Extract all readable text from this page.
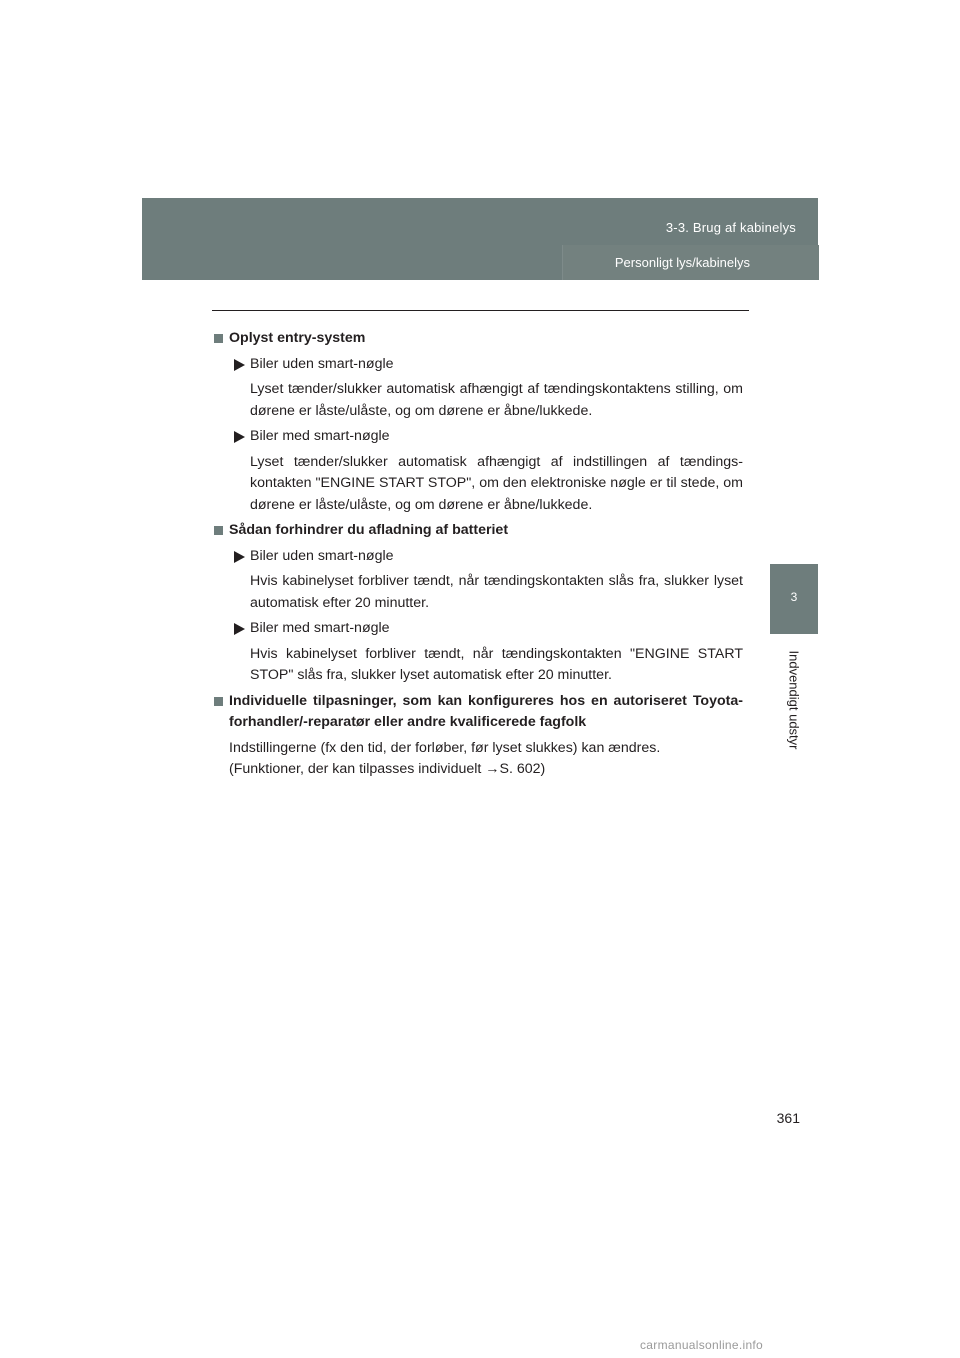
3-3. Brug af kabinelys
Personligt lys/kabinelys
3
Indvendigt udstyr
Oplyst entry-system
Biler uden smart-nøgle
Lyset tænder/slukker automatisk afhængigt af tændingskontaktens stilling, om dørene er låste/ulåste, og om dørene er åbne/lukkede.
Biler med smart-nøgle
Lyset tænder/slukker automatisk afhængigt af indstillingen af tændings-kontakten "ENGINE START STOP", om den elektroniske nøgle er til stede, om dørene er låste/ulåste, og om dørene er åbne/lukkede.
Sådan forhindrer du afladning af batteriet
Biler uden smart-nøgle
Hvis kabinelyset forbliver tændt, når tændingskontakten slås fra, slukker lyset automatisk efter 20 minutter.
Biler med smart-nøgle
Hvis kabinelyset forbliver tændt, når tændingskontakten "ENGINE START STOP" slås fra, slukker lyset automatisk efter 20 minutter.
Individuelle tilpasninger, som kan konfigureres hos en autoriseret Toyota-forhandler/-reparatør eller andre kvalificerede fagfolk
Indstillingerne (fx den tid, der forløber, før lyset slukkes) kan ændres.
(Funktioner, der kan tilpasses individuelt →S. 602)
361
carmanualsonline.info
